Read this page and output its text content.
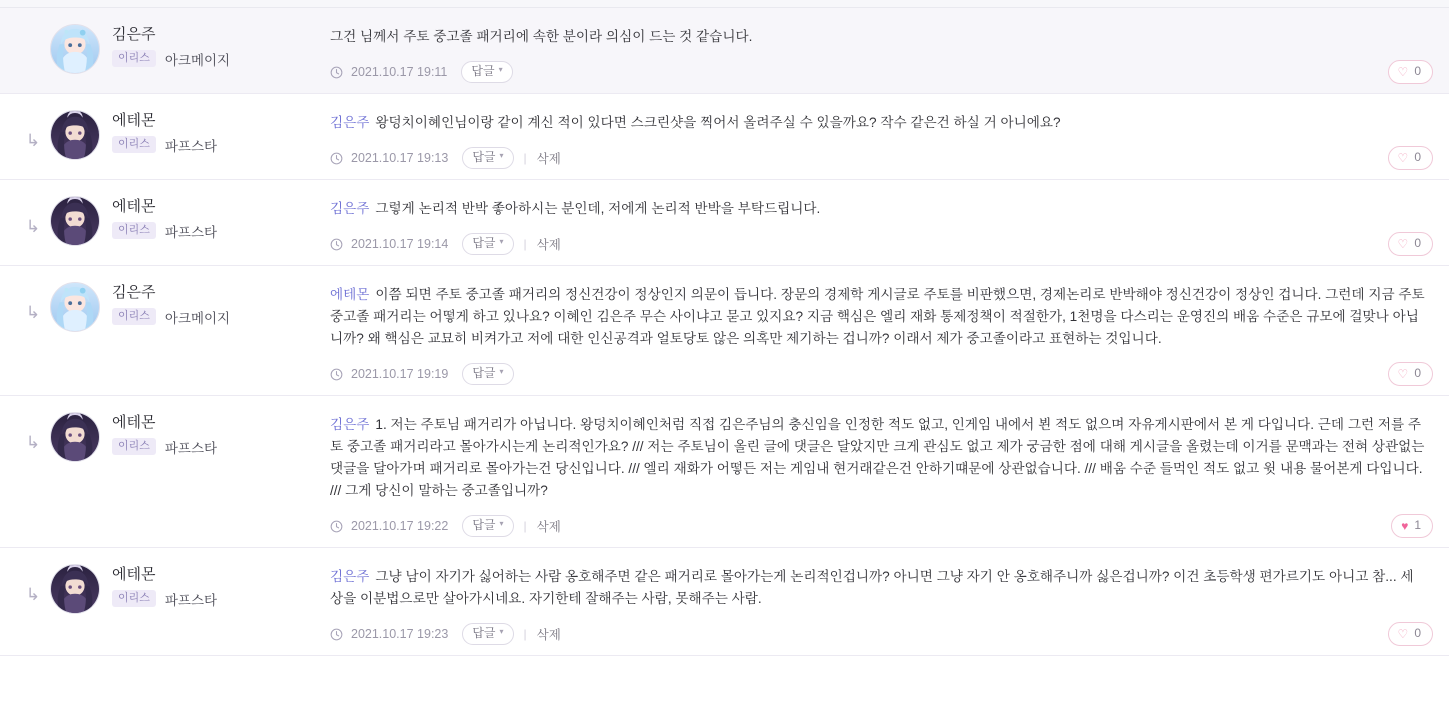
김은주
이리스	아크메이지
그건 님께서 주토 중고졸 패거리에 속한 분이라 의심이 드는 것 같습니다.
2021.10.17 19:11 답글 ▾	♡ 0
↳
에테몬
이리스	파프스타
김은주 왕덩치이혜인님이랑 같이 계신 적이 있다면 스크린샷을 찍어서 올려주실 수 있을까요? 작수 같은건 하실 거 아니에요?
2021.10.17 19:13 답글 ▾ | 삭제	♡ 0
↳
에테몬
이리스	파프스타
김은주 그렇게 논리적 반박 좋아하시는 분인데, 저에게 논리적 반박을 부탁드립니다.
2021.10.17 19:14 답글 ▾ | 삭제	♡ 0
↳
김은주
이리스	아크메이지
에테몬 이쯤 되면 주토 중고졸 패거리의 정신건강이 정상인지 의문이 듭니다. 장문의 경제학 게시글로 주토를 비판했으면, 경제논리로 반박해야 정신건강이 정상인 겁니다. 그런데 지금 주토 중고졸 패거리는 어떻게 하고 있나요? 이혜인 김은주 무슨 사이냐고 묻고 있지요? 지금 핵심은 엘리 재화 통제정책이 적절한가, 1천명을 다스리는 운영진의 배움 수준은 규모에 걸맞나 아닙니까? 왜 핵심은 교묘히 비켜가고 저에 대한 인신공격과 얼토당토 않은 의혹만 제기하는 겁니까? 이래서 제가 중고졸이라고 표현하는 것입니다.
2021.10.17 19:19 답글 ▾	♡ 0
↳
에테몬
이리스	파프스타
김은주 1. 저는 주토님 패거리가 아닙니다. 왕덩치이혜인처럼 직접 김은주님의 충신임을 인정한 적도 없고, 인게임 내에서 뵌 적도 없으며 자유게시판에서 본 게 다입니다. 근데 그런 저를 주토 중고졸 패거리라고 몰아가시는게 논리적인가요? /// 저는 주토님이 올린 글에 댓글은 달았지만 크게 관심도 없고 제가 궁금한 점에 대해 게시글을 올렸는데 이거를 문맥과는 전혀 상관없는 댓글을 달아가며 패거리로 몰아가는건 당신입니다. /// 엘리 재화가 어떻든 저는 게임내 현거래같은건 안하기떄문에 상관없습니다. /// 배움 수준 들먹인 적도 없고 윗 내용 물어본게 다입니다. /// 그게 당신이 말하는 중고졸입니까?
2021.10.17 19:22 답글 ▾ | 삭제	♥ 1
↳
에테몬
이리스	파프스타
김은주 그냥 남이 자기가 싫어하는 사람 옹호해주면 같은 패거리로 몰아가는게 논리적인겁니까? 아니면 그냥 자기 안 옹호해주니까 싫은겁니까? 이건 초등학생 편가르기도 아니고 참... 세상을 이분법으로만 살아가시네요. 자기한테 잘해주는 사람, 못해주는 사람.
2021.10.17 19:23 답글 ▾ | 삭제	♡ 0
